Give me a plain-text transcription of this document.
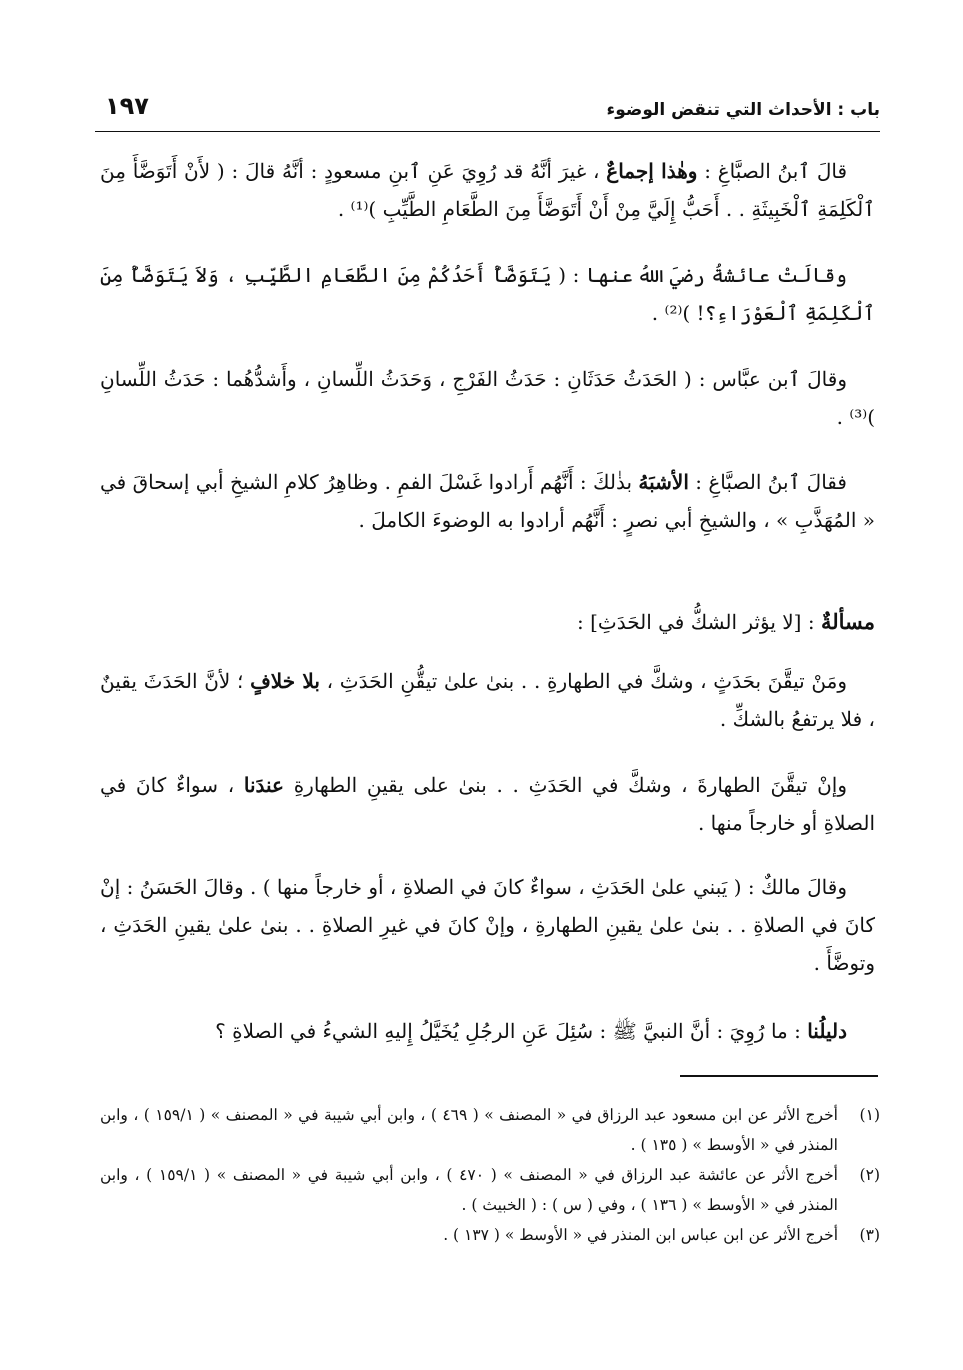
باب : الأحداث التي تنقض الوضوء
١٩٧

قالَ ٱبنُ الصبَّاغِ : وهٰذا إجماعٌ ، غيرَ أنَّهُ قد رُوِيَ عَنِ ٱبنِ مسعودٍ : أنَّهُ قالَ : ( لأَنْ أَتَوَضَّأَ مِنَ ٱلْكَلِمَةِ ٱلْخَبِيثَةِ . . أَحَبُّ إِلَيَّ مِنْ أَنْ أَتَوَضَّأَ مِنَ الطَّعَامِ الطَّيِّبِ )⁽¹⁾ .

وقالَتْ عائشةُ رضيَ اللهُ عنها : ( يَتَوَضَّأُ أَحَدُكُمْ مِنَ الطَّعَامِ الطَّيِّبِ ، وَلاَ يَتَوَضَّأُ مِنَ ٱلْكَلِمَةِ ٱلْعَوْرَاءِ؟! )⁽²⁾ .

وقالَ ٱبن عبَّاس : ( الحَدَثُ حَدَثَانِ : حَدَثُ الفَرْجِ ، وَحَدَثُ اللِّسانِ ، وأَشدُّهُما : حَدَثُ اللِّسانِ )⁽³⁾ .

فقالَ ٱبنُ الصبَّاغِ : الأشبَهُ بذٰلكَ : أَنَّهُم أَرادوا غَسْلَ الفمِ . وظاهِرُ كلامِ الشيخِ أبي إسحاقَ في « المُهَذَّبِ » ، والشيخِ أبي نصرٍ : أَنَّهُم أرادوا به الوضوءَ الكاملَ .

مسألةٌ : [لا يؤثر الشكُّ في الحَدَثِ] :

ومَنْ تيقَّنَ بحَدَثٍ ، وشكَّ في الطهارةِ . . بنىٰ علىٰ تيقُّنِ الحَدَثِ ، بلا خلافٍ ؛ لأنَّ الحَدَثَ يقينٌ ، فلا يرتفعُ بالشكِّ .

وإنْ تيقَّنَ الطهارةَ ، وشكَّ في الحَدَثِ . . بنىٰ على يقينِ الطهارةِ عندَنا ، سواءٌ كانَ في الصلاةِ أو خارجاً منها .

وقالَ مالكٌ : ( يَبني علىٰ الحَدَثِ ، سواءٌ كانَ في الصلاةِ ، أو خارجاً منها ) . وقالَ الحَسَنُ : إنْ كانَ في الصلاةِ . . بنىٰ علىٰ يقينِ الطهارةِ ، وإنْ كانَ في غيرِ الصلاةِ . . بنىٰ علىٰ يقينِ الحَدَثِ ، وتوضَّأَ .

دليلُنا : ما رُوِيَ : أنَّ النبيَّ ﷺ : سُئِلَ عَنِ الرجُلِ يُخَيَّلُ إِليهِ الشيءُ في الصلاةِ ؟

(١)
أخرج الأثر عن ابن مسعود عبد الرزاق في « المصنف » ( ٤٦٩ ) ، وابن أبي شيبة في « المصنف » ( ١٥٩/١ ) ، وابن المنذر في « الأوسط » ( ١٣٥ ) .
(٢)
أخرج الأثر عن عائشة عبد الرزاق في « المصنف » ( ٤٧٠ ) ، وابن أبي شيبة في « المصنف » ( ١٥٩/١ ) ، وابن المنذر في « الأوسط » ( ١٣٦ ) ، وفي ( س ) : ( الخبيث ) .
(٣)
أخرج الأثر عن ابن عباس ابن المنذر في « الأوسط » ( ١٣٧ ) .
